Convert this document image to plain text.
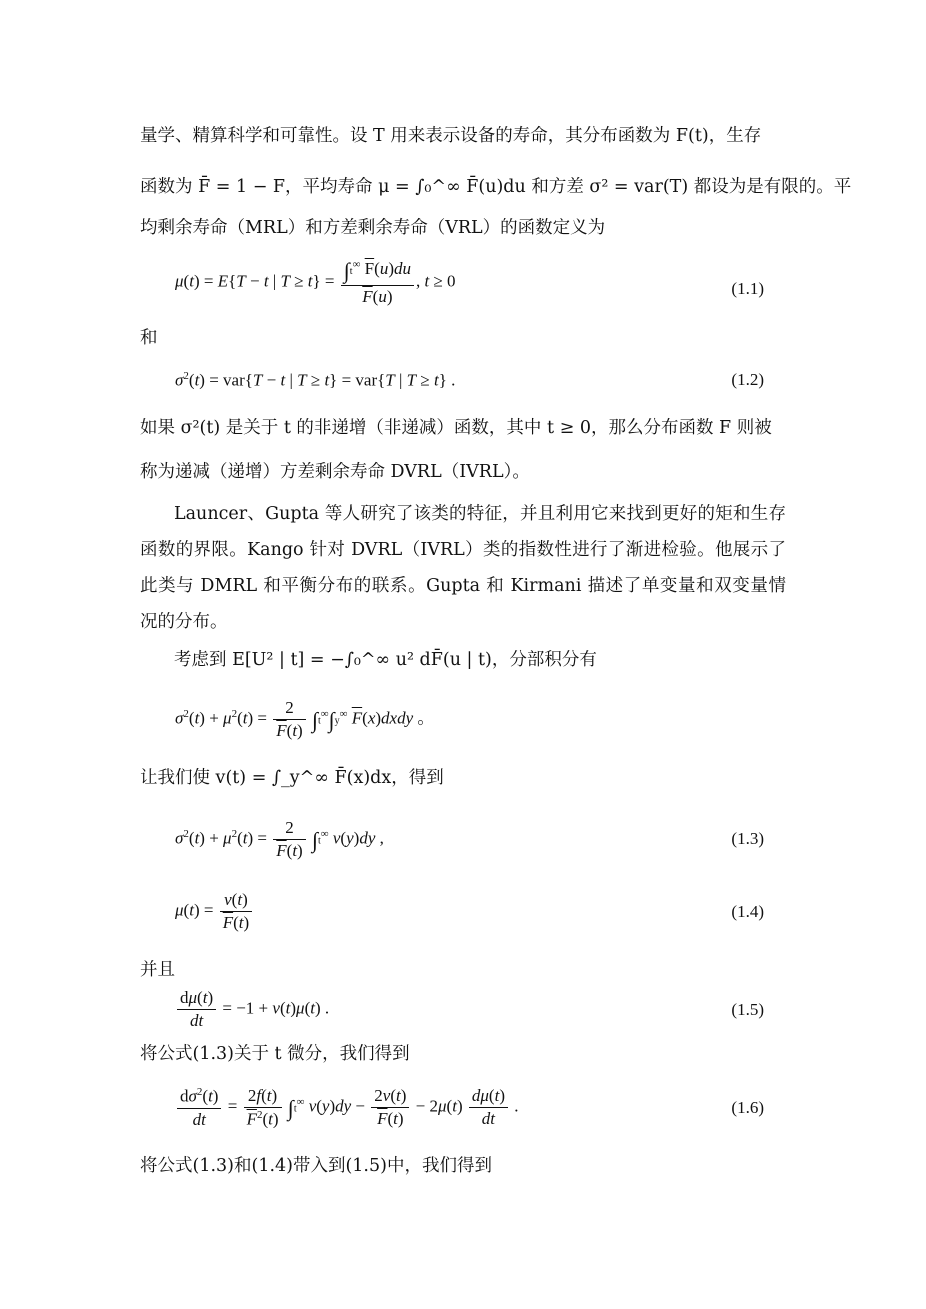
量学、精算科学和可靠性。设 T 用来表示设备的寿命，其分布函数为 F(t)，生存
函数为 F̄ = 1 − F，平均寿命 μ = ∫₀^∞ F̄(u)du 和方差 σ² = var(T) 都设为是有限的。平
均剩余寿命（MRL）和方差剩余寿命（VRL）的函数定义为
μ(t) = E{T − t | $T \ge t\} = \frac{\int t^\infty \overline{F}(u)du}{\overline{F}(u)}$ , t ≥ 0	(1.1)
和
$\sigma^2(t) = var\{T - t$ | T ≥ t} = var{T | T ≥ t} .	(1.2)
如果 σ²(t) 是关于 t 的非递增（非递减）函数，其中 t ≥ 0，那么分布函数 F 则被
称为递减（递增）方差剩余寿命 DVRL（IVRL）。
Launcer、Gupta 等人研究了该类的特征，并且利用它来找到更好的矩和生存函数的界限。Kango 针对 DVRL（IVRL）类的指数性进行了渐进检验。他展示了此类与 DMRL 和平衡分布的联系。Gupta 和 Kirmani 描述了单变量和双变量情况的分布。
考虑到 E[U² | t] = −∫₀^∞ u² dF̄(u | t)，分部积分有
$\sigma^2(t) + \mu^2(t) = \frac{2}{\overline{F}(t)} \int t^\infty\int y^\infty$ $\overline{F}(x)dxdy$ 。
让我们使 v(t) = ∫_y^∞ F̄(x)dx，得到
$\sigma^2(t) + \mu^2(t) = \frac{2}{\overline{F}(t)} \int t^\infty$ v(y)dy ,	(1.3)
$\mu(t) = \frac{v(t)}{\overline{F}(t)}$	(1.4)
并且
$\frac{d\mu(t)}{dt} = -1 + v(t)\mu(t)$ .	(1.5)
将公式(1.3)关于 t 微分，我们得到
$\frac{d\sigma^2(t)}{dt} = \frac{2f(t)}{\overline{F}^2(t)} \int t^\infty$ $v(y)dy - \frac{2v(t)}{\overline{F}(t)} - 2\mu(t) \frac{d\mu(t)}{dt}$ .	(1.6)
将公式(1.3)和(1.4)带入到(1.5)中，我们得到
